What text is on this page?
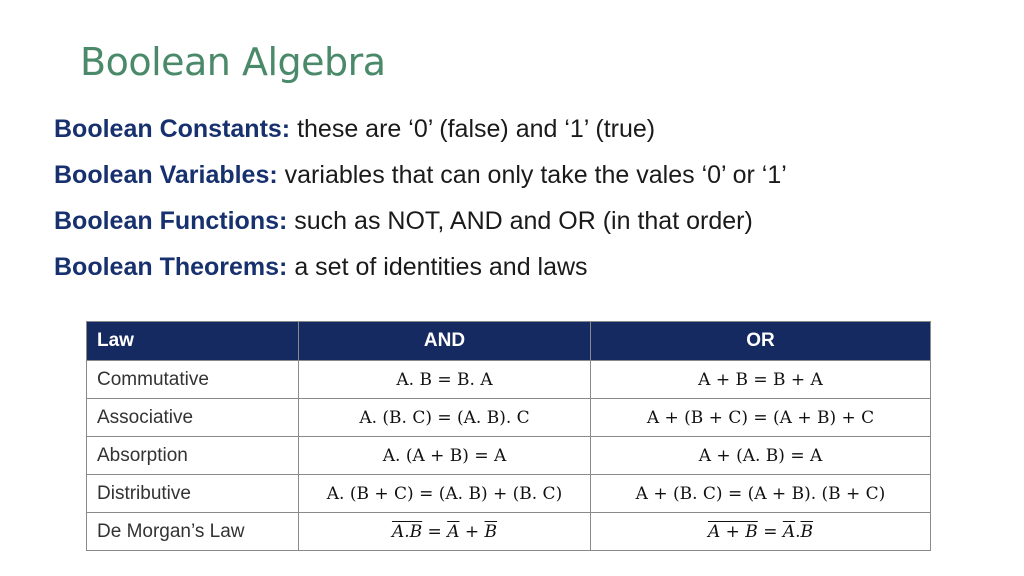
Boolean Algebra
Boolean Constants: these are ‘0’ (false) and ‘1’ (true)
Boolean Variables: variables that can only take the vales ‘0’ or ‘1’
Boolean Functions: such as NOT, AND and OR (in that order)
Boolean Theorems: a set of identities and laws
Law	AND	OR
Commutative	A. B = B. A	A + B = B + A
Associative	A. (B. C) = (A. B). C	A + (B + C) = (A + B) + C
Absorption	A. (A + B) = A	A + (A. B) = A
Distributive	A. (B + C) = (A. B) + (B. C)	A + (B. C) = (A + B). (B + C)
De Morgan’s Law	$A.B = \overline{A} + \overline{B}$	$A + B = \overline{A}.\overline{B}$
